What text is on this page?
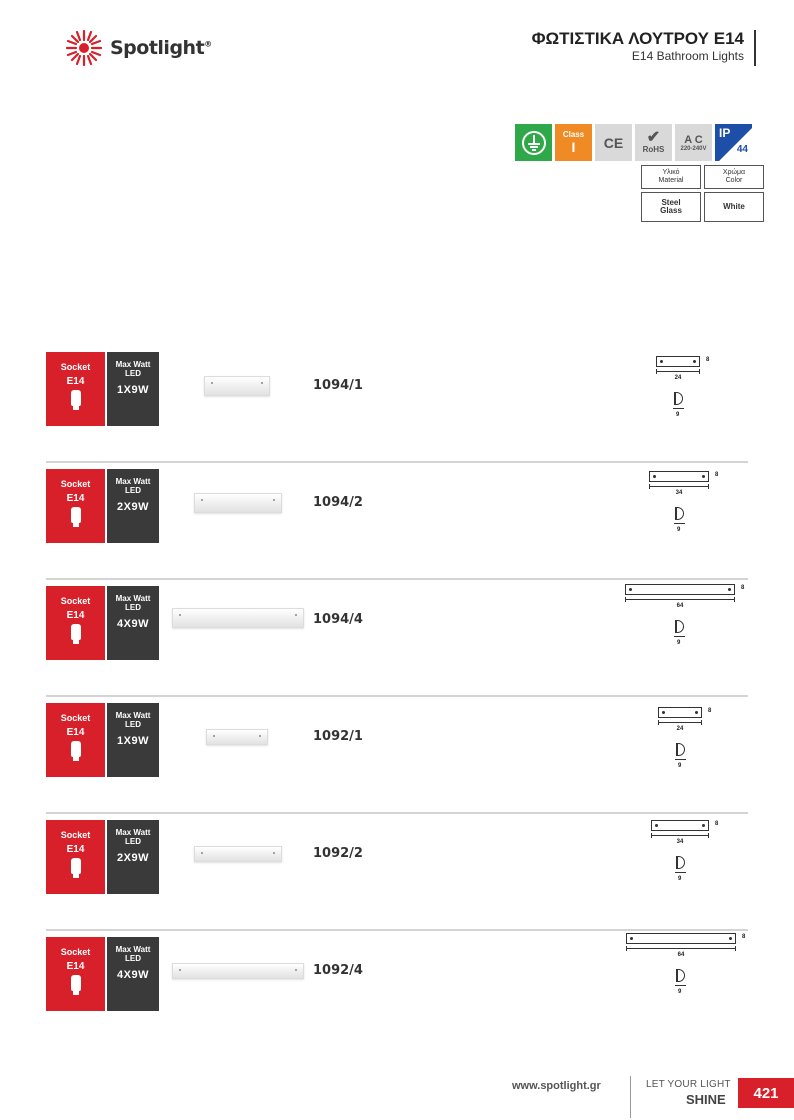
Spotlight®	ΦΩΤΙΣΤΙΚΑ ΛΟΥΤΡΟΥ E14
E14 Bathroom Lights
Class
I	CE	✔
RoHS
A C
220-240V
IP
44
Υλικό
Material
Χρώμα
Color
Steel
Glass	White
Socket
E14
Max Watt LED
1X9W	1094/1
8
24
9
Socket
E14
Max Watt LED
2X9W	1094/2
8
34
9
Socket
E14
Max Watt LED
4X9W	1094/4
8
64
9
Socket
E14
Max Watt LED
1X9W	1092/1
8
24
9
Socket
E14
Max Watt LED
2X9W	1092/2
8
34
9
Socket
E14
Max Watt LED
4X9W	1092/4
8
64
9
www.spotlight.gr	LET YOUR LIGHT
SHINE	421
